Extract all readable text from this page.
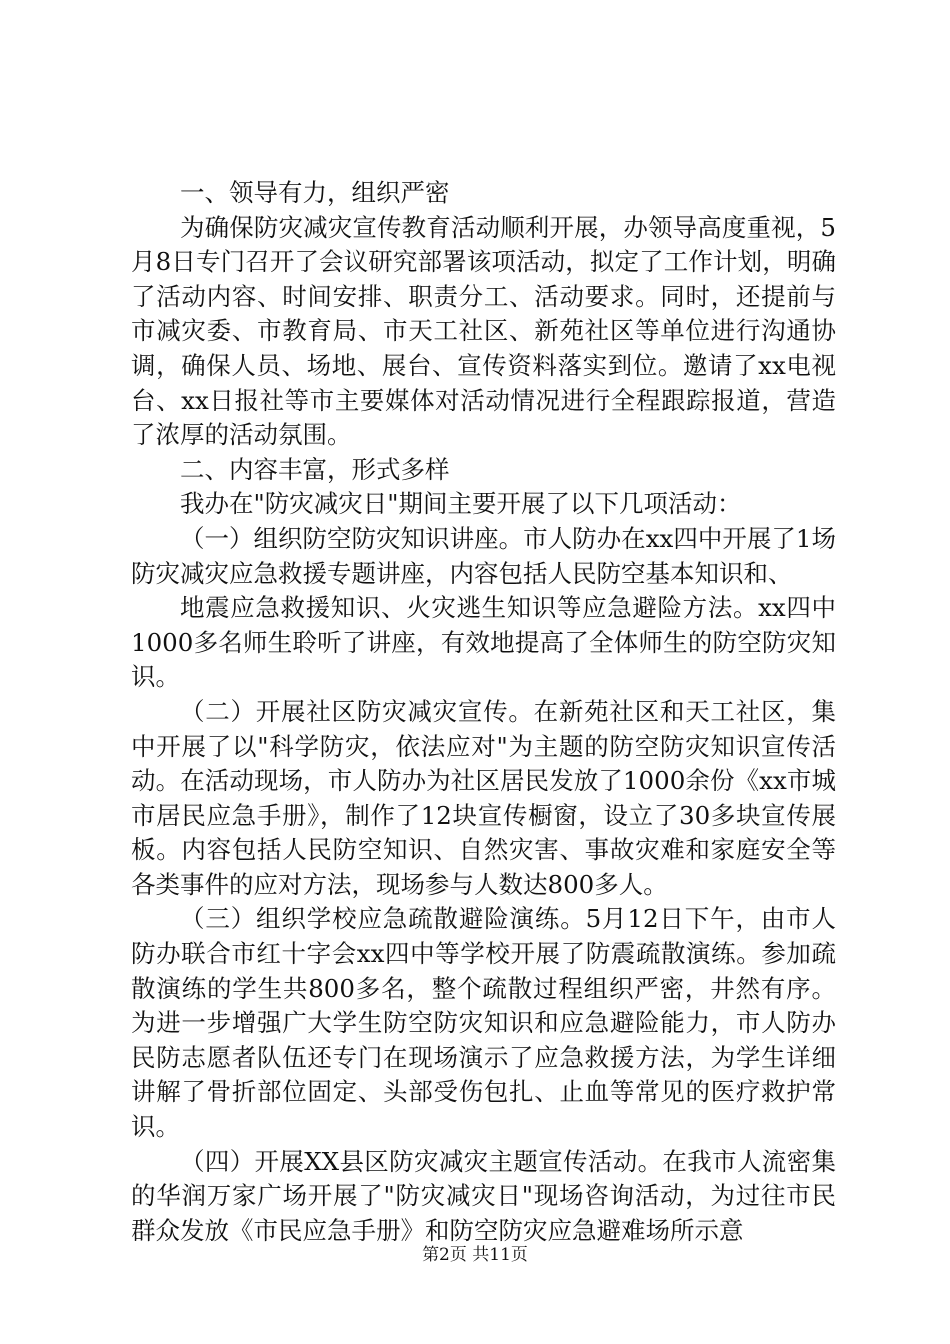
一、领导有力，组织严密

为确保防灾减灾宣传教育活动顺利开展，办领导高度重视，5月8日专门召开了会议研究部署该项活动，拟定了工作计划，明确了活动内容、时间安排、职责分工、活动要求。同时，还提前与市减灾委、市教育局、市天工社区、新苑社区等单位进行沟通协调，确保人员、场地、展台、宣传资料落实到位。邀请了xx电视台、xx日报社等市主要媒体对活动情况进行全程跟踪报道，营造了浓厚的活动氛围。

二、内容丰富，形式多样

我办在"防灾减灾日"期间主要开展了以下几项活动：

（一）组织防空防灾知识讲座。市人防办在xx四中开展了1场防灾减灾应急救援专题讲座，内容包括人民防空基本知识和、

地震应急救援知识、火灾逃生知识等应急避险方法。xx四中1000多名师生聆听了讲座，有效地提高了全体师生的防空防灾知识。

（二）开展社区防灾减灾宣传。在新苑社区和天工社区，集中开展了以"科学防灾，依法应对"为主题的防空防灾知识宣传活动。在活动现场，市人防办为社区居民发放了1000余份《xx市城市居民应急手册》，制作了12块宣传橱窗，设立了30多块宣传展板。内容包括人民防空知识、自然灾害、事故灾难和家庭安全等各类事件的应对方法，现场参与人数达800多人。

（三）组织学校应急疏散避险演练。5月12日下午，由市人防办联合市红十字会xx四中等学校开展了防震疏散演练。参加疏散演练的学生共800多名，整个疏散过程组织严密，井然有序。为进一步增强广大学生防空防灾知识和应急避险能力，市人防办民防志愿者队伍还专门在现场演示了应急救援方法，为学生详细讲解了骨折部位固定、头部受伤包扎、止血等常见的医疗救护常识。

（四）开展XX县区防灾减灾主题宣传活动。在我市人流密集的华润万家广场开展了"防灾减灾日"现场咨询活动，为过往市民群众发放《市民应急手册》和防空防灾应急避难场所示意

第2页 共11页
